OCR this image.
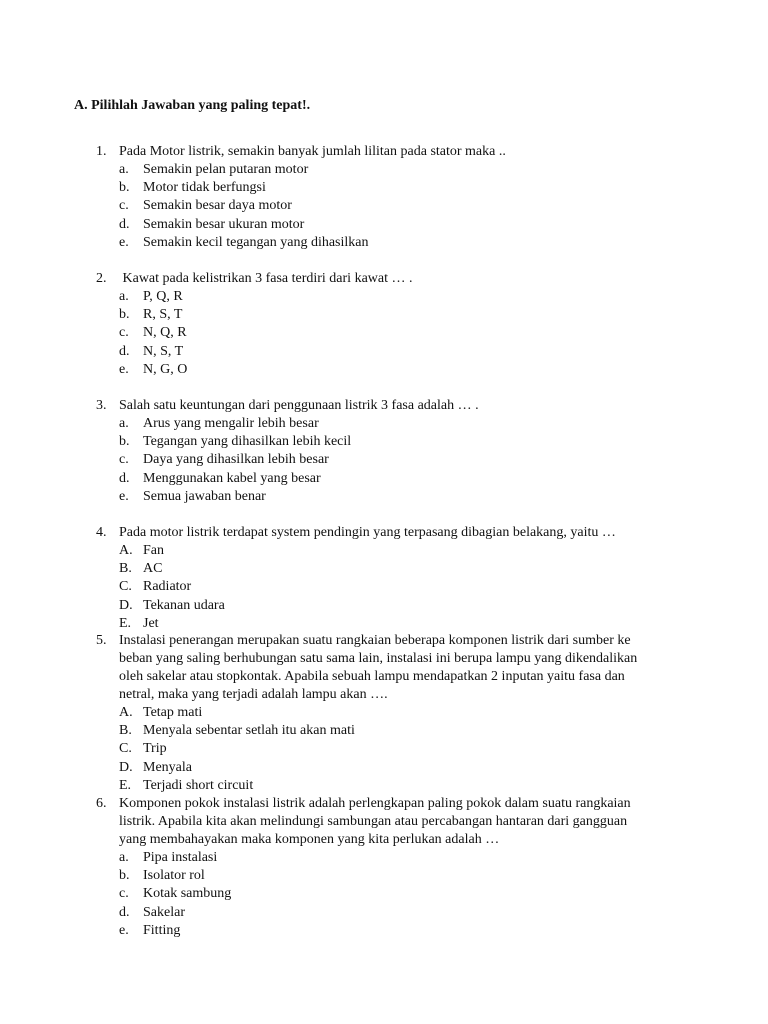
A. Pilihlah Jawaban yang paling tepat!.
1. Pada Motor listrik, semakin banyak jumlah lilitan pada stator maka ..
a. Semakin pelan putaran motor
b. Motor tidak berfungsi
c. Semakin besar daya motor
d. Semakin besar ukuran motor
e. Semakin kecil tegangan yang dihasilkan
2. Kawat pada kelistrikan 3 fasa terdiri dari kawat … .
a. P, Q, R
b. R, S, T
c. N, Q, R
d. N, S, T
e. N, G, O
3. Salah satu keuntungan dari penggunaan listrik 3 fasa adalah … .
a. Arus yang mengalir lebih besar
b. Tegangan yang dihasilkan lebih kecil
c. Daya yang dihasilkan lebih besar
d. Menggunakan kabel yang besar
e. Semua jawaban benar
4. Pada motor listrik terdapat system pendingin yang terpasang dibagian belakang, yaitu …
A. Fan
B. AC
C. Radiator
D. Tekanan udara
E. Jet
5. Instalasi penerangan merupakan suatu rangkaian beberapa komponen listrik dari sumber ke
beban yang saling berhubungan satu sama lain, instalasi ini berupa lampu yang dikendalikan
oleh sakelar atau stopkontak. Apabila sebuah lampu mendapatkan 2 inputan yaitu fasa dan
netral, maka yang terjadi adalah lampu akan ….
A. Tetap mati
B. Menyala sebentar setlah itu akan mati
C. Trip
D. Menyala
E. Terjadi short circuit
6. Komponen pokok instalasi listrik adalah perlengkapan paling pokok dalam suatu rangkaian
listrik. Apabila kita akan melindungi sambungan atau percabangan hantaran dari gangguan
yang membahayakan maka komponen yang kita perlukan adalah …
a. Pipa instalasi
b. Isolator rol
c. Kotak sambung
d. Sakelar
e. Fitting
